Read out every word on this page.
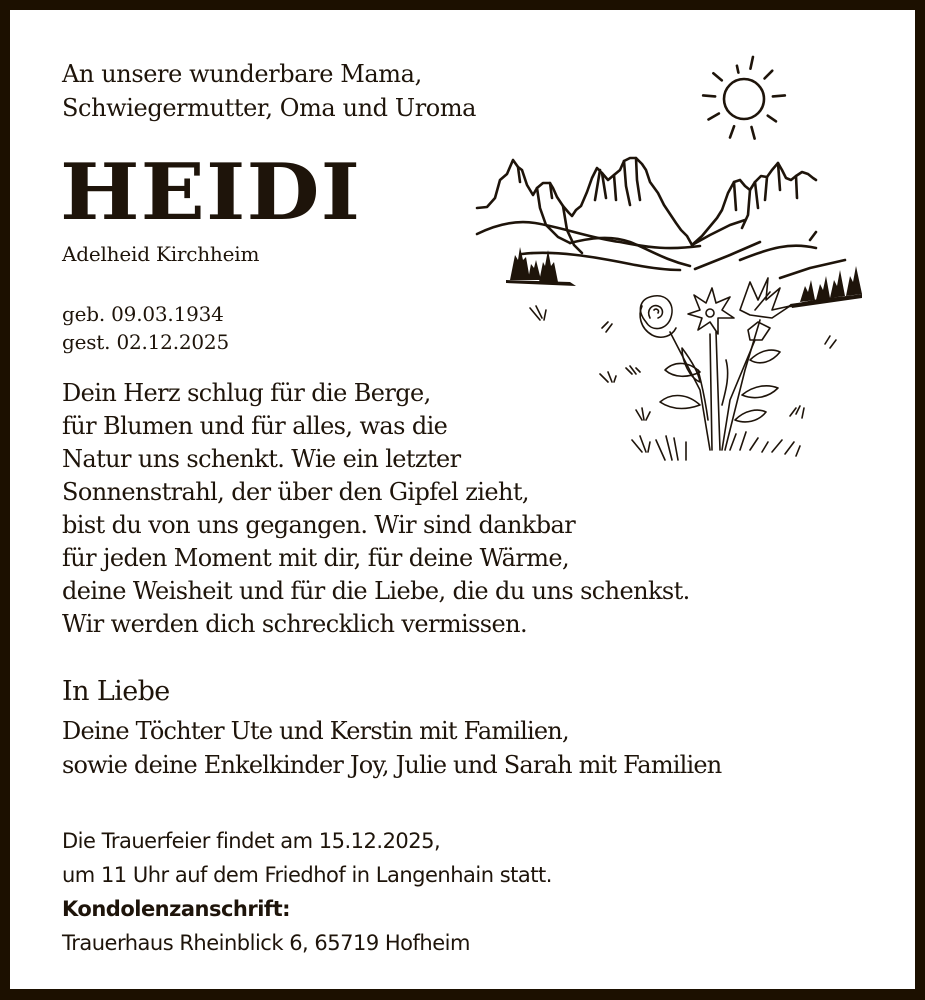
An unsere wunderbare Mama,
Schwiegermutter, Oma und Uroma
HEIDI
Adelheid Kirchheim
geb. 09.03.1934
gest. 02.12.2025
Dein Herz schlug für die Berge,
für Blumen und für alles, was die
Natur uns schenkt. Wie ein letzter
Sonnenstrahl, der über den Gipfel zieht,
bist du von uns gegangen. Wir sind dankbar
für jeden Moment mit dir, für deine Wärme,
deine Weisheit und für die Liebe, die du uns schenkst.
Wir werden dich schrecklich vermissen.
In Liebe
Deine Töchter Ute und Kerstin mit Familien,
sowie deine Enkelkinder Joy, Julie und Sarah mit Familien
Die Trauerfeier findet am 15.12.2025,
um 11 Uhr auf dem Friedhof in Langenhain statt.
Kondolenzanschrift:
Trauerhaus Rheinblick 6, 65719 Hofheim
